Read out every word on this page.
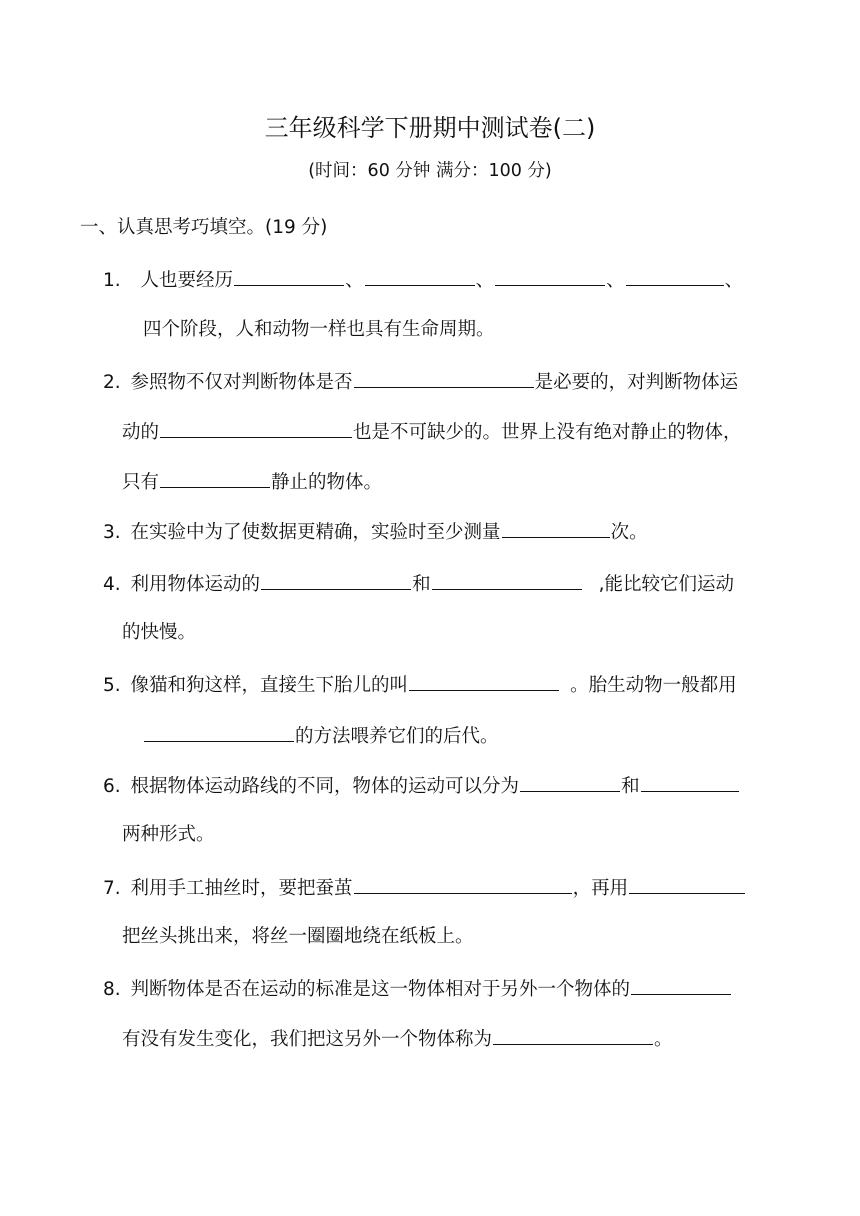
三年级科学下册期中测试卷(二)
(时间：60 分钟 满分：100 分)
一、认真思考巧填空。(19 分)
1. 人也要经历	、	、	、	、
四个阶段，人和动物一样也具有生命周期。
2. 参照物不仅对判断物体是否	是必要的，对判断物体运
动的	也是不可缺少的。世界上没有绝对静止的物体，
只有	静止的物体。
3. 在实验中为了使数据更精确，实验时至少测量	次。
4. 利用物体运动的	和	,能比较它们运动
的快慢。
5. 像猫和狗这样，直接生下胎儿的叫	。胎生动物一般都用
的方法喂养它们的后代。
6. 根据物体运动路线的不同，物体的运动可以分为	和
两种形式。
7. 利用手工抽丝时，要把蚕茧	，再用
把丝头挑出来，将丝一圈圈地绕在纸板上。
8. 判断物体是否在运动的标准是这一物体相对于另外一个物体的
有没有发生变化，我们把这另外一个物体称为	。
